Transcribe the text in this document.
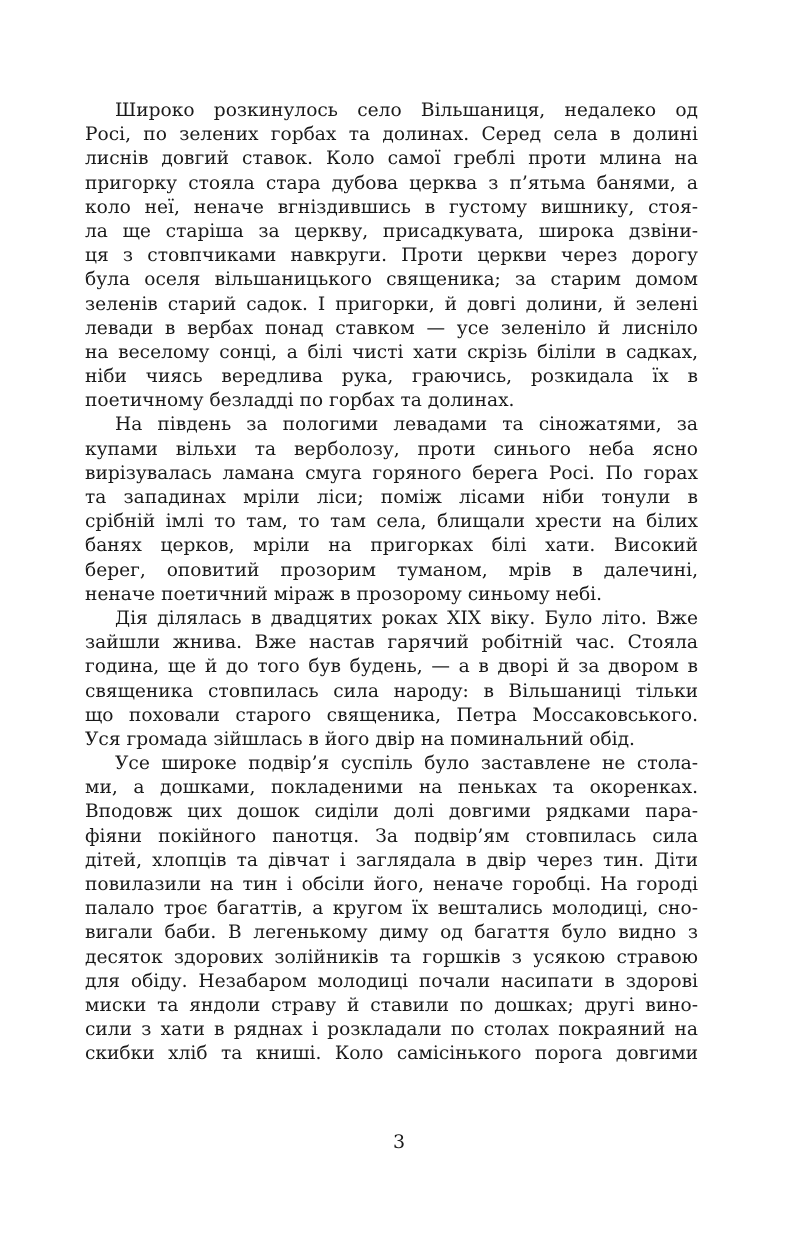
Широко розкинулось село Вільшаниця, недалеко од
Росі, по зелених горбах та долинах. Серед села в долині
лиснів довгий ставок. Коло самої греблі проти млина на
пригорку стояла стара дубова церква з п’ятьма банями, а
коло неї, неначе вгніздившись в густому вишнику, стоя-
ла ще старіша за церкву, присадкувата, широка дзвіни-
ця з стовпчиками навкруги. Проти церкви через дорогу
була оселя вільшаницького священика; за старим домом
зеленів старий садок. І пригорки, й довгі долини, й зелені
левади в вербах понад ставком — усе зеленіло й лисніло
на веселому сонці, а білі чисті хати скрізь біліли в садках,
ніби чиясь вередлива рука, граючись, розкидала їх в
поетичному безладді по горбах та долинах.
На південь за пологими левадами та сіножатями, за
купами вільхи та верболозу, проти синього неба ясно
вирізувалась ламана смуга горяного берега Росі. По горах
та западинах мріли ліси; поміж лісами ніби тонули в
срібній імлі то там, то там села, блищали хрести на білих
банях церков, мріли на пригорках білі хати. Високий
берег, оповитий прозорим туманом, мрів в далечині,
неначе поетичний міраж в прозорому синьому небі.
Дія ділялась в двадцятих роках XIX віку. Було літо. Вже
зайшли жнива. Вже настав гарячий робітній час. Стояла
година, ще й до того був будень, — а в дворі й за двором в
священика стовпилась сила народу: в Вільшаниці тільки
що поховали старого священика, Петра Моссаковського.
Уся громада зійшлась в його двір на поминальний обід.
Усе широке подвір’я суспіль було заставлене не стола-
ми, а дошками, покладеними на пеньках та окоренках.
Вподовж цих дошок сиділи долі довгими рядками пара-
фіяни покійного панотця. За подвір’ям стовпилась сила
дітей, хлопців та дівчат і заглядала в двір через тин. Діти
повилазили на тин і обсіли його, неначе горобці. На городі
палало троє багаттів, а кругом їх вештались молодиці, сно-
вигали баби. В легенькому диму од багаття було видно з
десяток здорових золійників та горшків з усякою стравою
для обіду. Незабаром молодиці почали насипати в здорові
миски та яндоли страву й ставили по дошках; другі вино-
сили з хати в ряднах і розкладали по столах покраяний на
скибки хліб та книші. Коло самісінького порога довгими
3
